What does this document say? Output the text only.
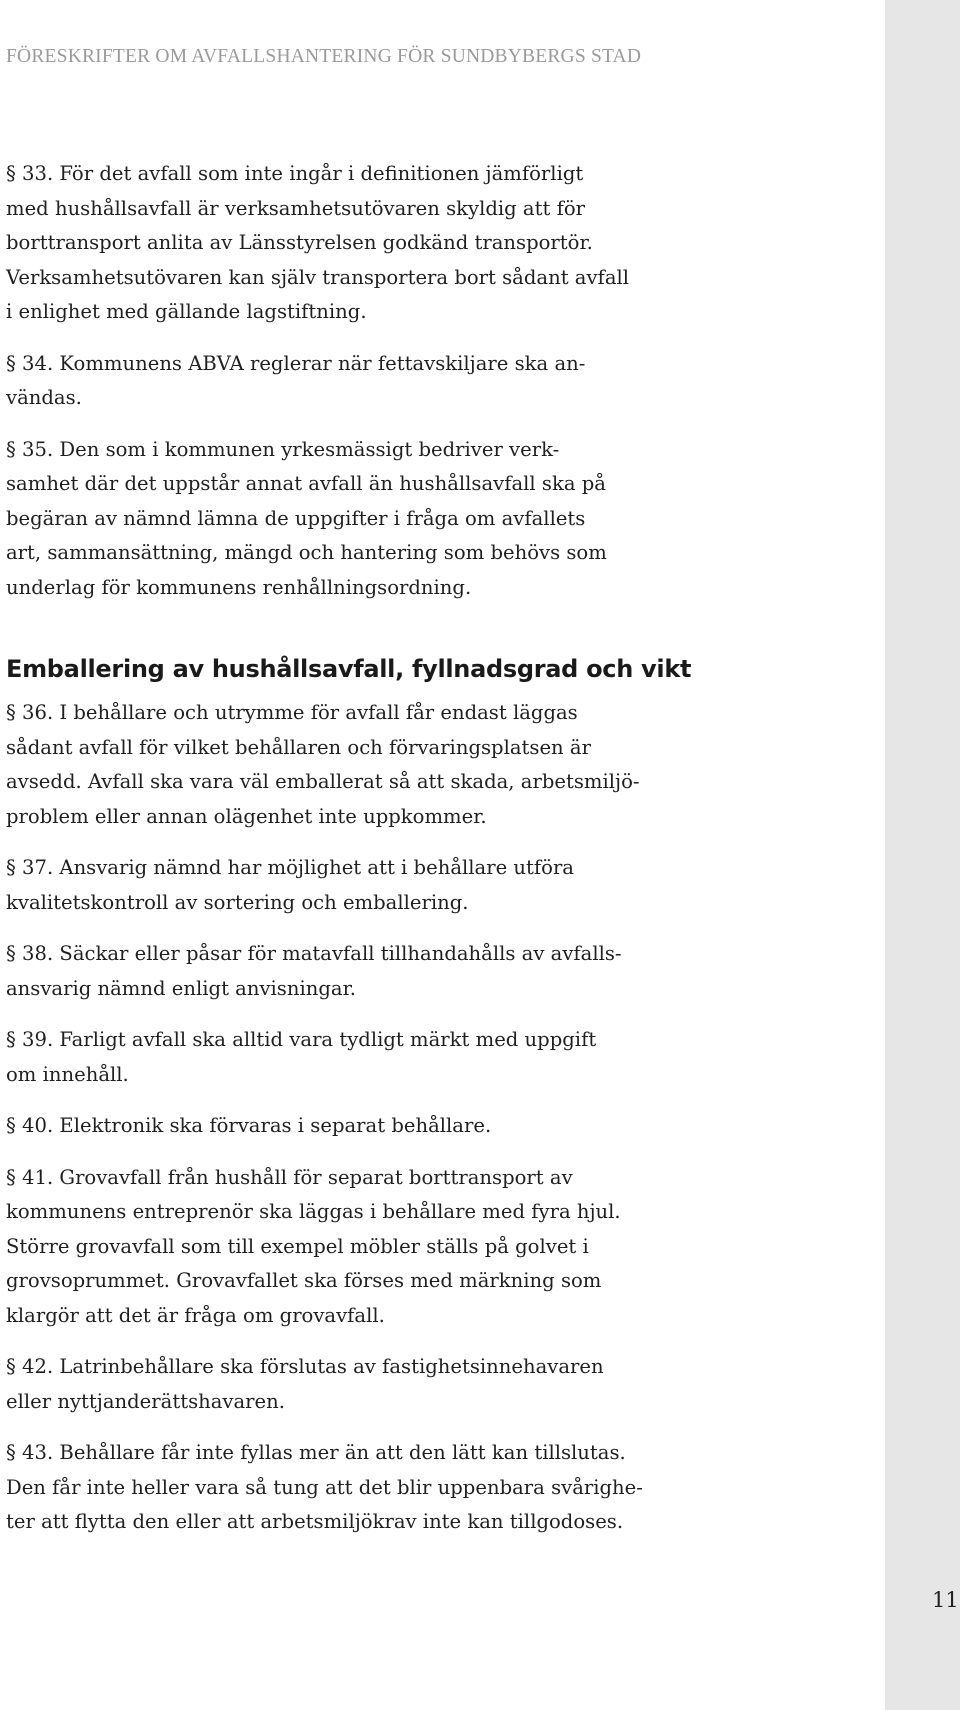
FÖRESKRIFTER OM AVFALLSHANTERING FÖR SUNDBYBERGS STAD

§ 33. För det avfall som inte ingår i definitionen jämförligt
med hushållsavfall är verksamhetsutövaren skyldig att för
borttransport anlita av Länsstyrelsen godkänd transportör.
Verksamhetsutövaren kan själv transportera bort sådant avfall
i enlighet med gällande lagstiftning.

§ 34. Kommunens ABVA reglerar när fettavskiljare ska an-
vändas.

§ 35. Den som i kommunen yrkesmässigt bedriver verk-
samhet där det uppstår annat avfall än hushållsavfall ska på
begäran av nämnd lämna de uppgifter i fråga om avfallets
art, sammansättning, mängd och hantering som behövs som
underlag för kommunens renhållningsordning.

Emballering av hushållsavfall, fyllnadsgrad och vikt

§ 36. I behållare och utrymme för avfall får endast läggas
sådant avfall för vilket behållaren och förvaringsplatsen är
avsedd. Avfall ska vara väl emballerat så att skada, arbetsmiljö-
problem eller annan olägenhet inte uppkommer.

§ 37. Ansvarig nämnd har möjlighet att i behållare utföra
kvalitetskontroll av sortering och emballering.

§ 38. Säckar eller påsar för matavfall tillhandahålls av avfalls-
ansvarig nämnd enligt anvisningar.

§ 39. Farligt avfall ska alltid vara tydligt märkt med uppgift
om innehåll.

§ 40. Elektronik ska förvaras i separat behållare.

§ 41. Grovavfall från hushåll för separat borttransport av
kommunens entreprenör ska läggas i behållare med fyra hjul.
Större grovavfall som till exempel möbler ställs på golvet i
grovsoprummet. Grovavfallet ska förses med märkning som
klargör att det är fråga om grovavfall.

§ 42. Latrinbehållare ska förslutas av fastighetsinnehavaren
eller nyttjanderättshavaren.

§ 43. Behållare får inte fyllas mer än att den lätt kan tillslutas.
Den får inte heller vara så tung att det blir uppenbara svårighe-
ter att flytta den eller att arbetsmiljökrav inte kan tillgodoses.

11
